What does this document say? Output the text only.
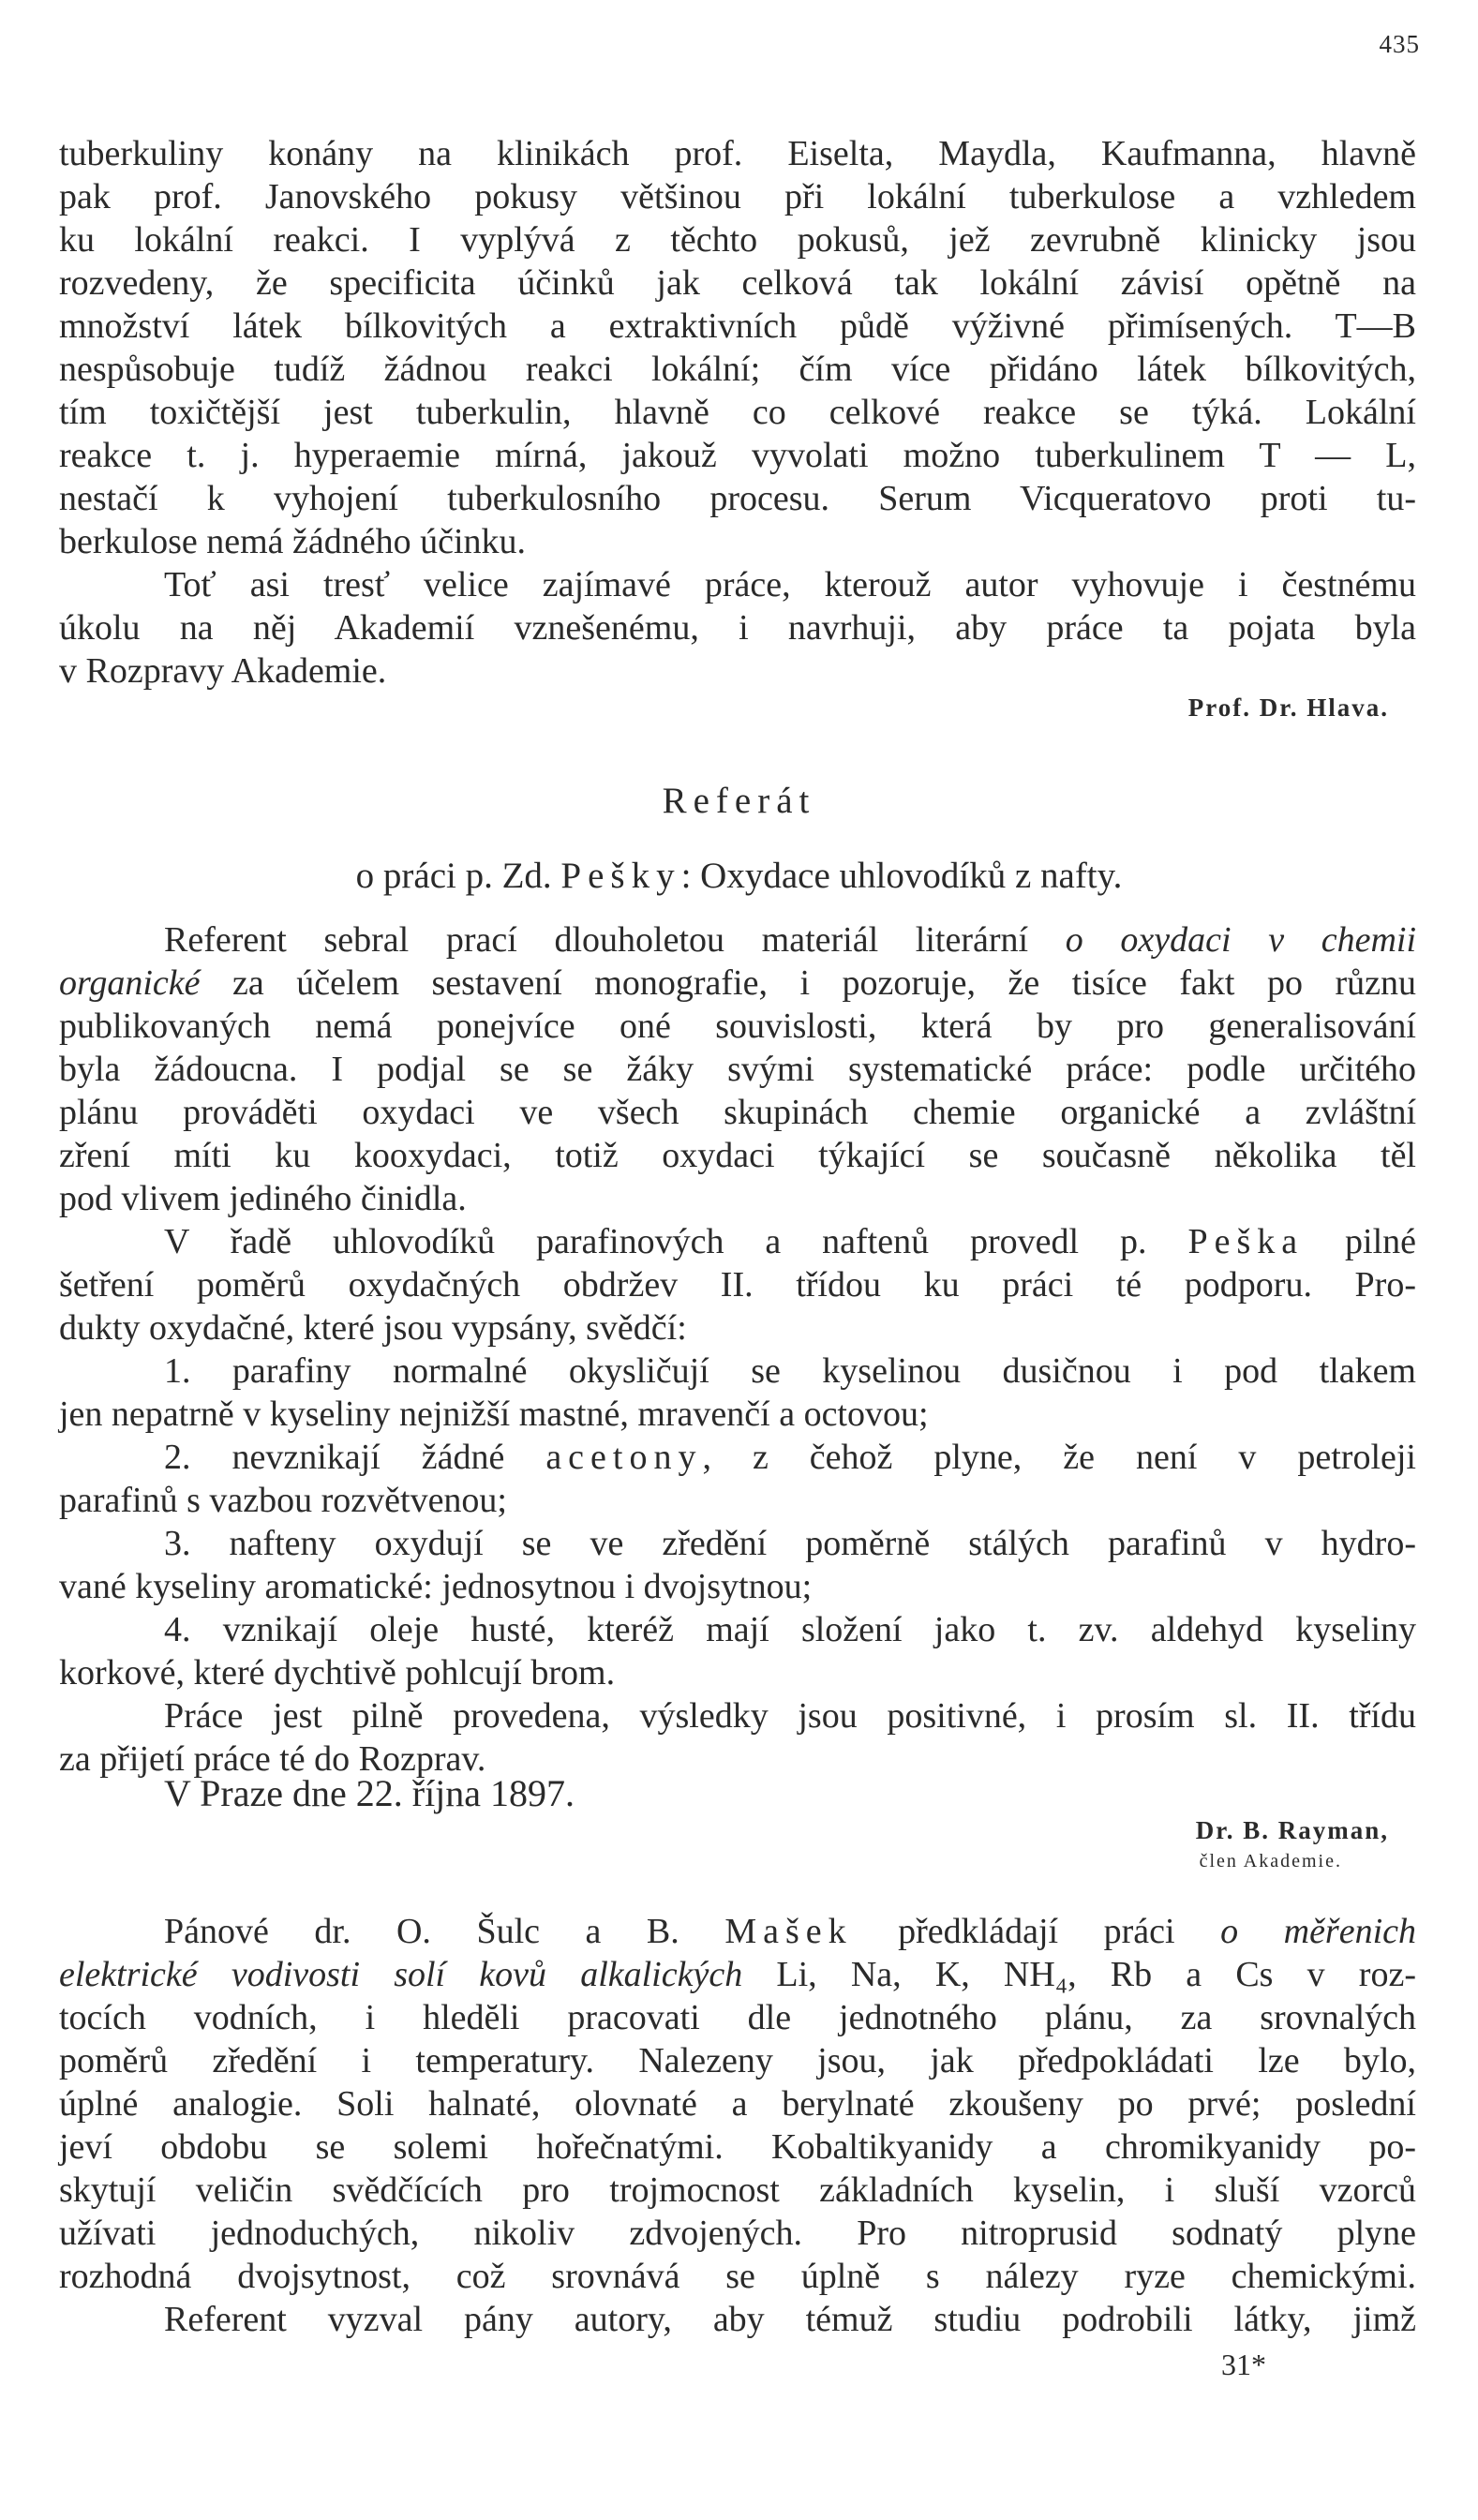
435
tuberkuliny konány na klinikách prof. Eiselta, Maydla, Kaufmanna, hlavně
pak prof. Janovského pokusy většinou při lokální tuberkulose a vzhledem
ku lokální reakci. I vyplývá z těchto pokusů, jež zevrubně klinicky jsou
rozvedeny, že specificita účinků jak celková tak lokální závisí opětně na
množství látek bílkovitých a extraktivních půdě výživné přimísených. T—B
nespůsobuje tudíž žádnou reakci lokální; čím více přidáno látek bílkovitých,
tím toxičtější jest tuberkulin, hlavně co celkové reakce se týká. Lokální
reakce t. j. hyperaemie mírná, jakouž vyvolati možno tuberkulinem T — L,
nestačí k vyhojení tuberkulosního procesu. Serum Vicqueratovo proti tu-
berkulose nemá žádného účinku.
Toť asi tresť velice zajímavé práce, kterouž autor vyhovuje i čestnému
úkolu na něj Akademií vznešenému, i navrhuji, aby práce ta pojata byla
v Rozpravy Akademie.
Prof. Dr. Hlava.
Referát
o práci p. Zd. Pešky: Oxydace uhlovodíků z nafty.
Referent sebral prací dlouholetou materiál literární o oxydaci v chemii
organické za účelem sestavení monografie, i pozoruje, že tisíce fakt po různu
publikovaných nemá ponejvíce oné souvislosti, která by pro generalisování
byla žádoucna. I podjal se se žáky svými systematické práce: podle určitého
plánu provádĕti oxydaci ve všech skupinách chemie organické a zvláštní
zření míti ku kooxydaci, totiž oxydaci týkající se současně několika těl
pod vlivem jediného činidla.
V řadě uhlovodíků parafinových a naftenů provedl p. Peška pilné
šetření poměrů oxydačných obdržev II. třídou ku práci té podporu. Pro-
dukty oxydačné, které jsou vypsány, svědčí:
1. parafiny normalné okysličují se kyselinou dusičnou i pod tlakem
jen nepatrně v kyseliny nejnižší mastné, mravenčí a octovou;
2. nevznikají žádné acetony, z čehož plyne, že není v petroleji
parafinů s vazbou rozvětvenou;
3. nafteny oxydují se ve zředění poměrně stálých parafinů v hydro-
vané kyseliny aromatické: jednosytnou i dvojsytnou;
4. vznikají oleje husté, kteréž mají složení jako t. zv. aldehyd kyseliny
korkové, které dychtivě pohlcují brom.
Práce jest pilně provedena, výsledky jsou positivné, i prosím sl. II. třídu
za přijetí práce té do Rozprav.
V Praze dne 22. října 1897.
Dr. B. Rayman,
člen Akademie.
Pánové dr. O. Šulc a B. Mašek předkládají práci o měřenich
elektrické vodivosti solí kovů alkalických Li, Na, K, NH₄, Rb a Cs v roz-
tocích vodních, i hledĕli pracovati dle jednotného plánu, za srovnalých
poměrů zředění i temperatury. Nalezeny jsou, jak předpokládati lze bylo,
úplné analogie. Soli halnaté, olovnaté a berylnaté zkoušeny po prvé; poslední
jeví obdobu se solemi hořečnatými. Kobaltikyanidy a chromikyanidy po-
skytují veličin svědčících pro trojmocnost základních kyselin, i sluší vzorců
užívati jednoduchých, nikoliv zdvojených. Pro nitroprusid sodnatý plyne
rozhodná dvojsytnost, což srovnává se úplně s nálezy ryze chemickými.
Referent vyzval pány autory, aby témuž studiu podrobili látky, jimž
31*
